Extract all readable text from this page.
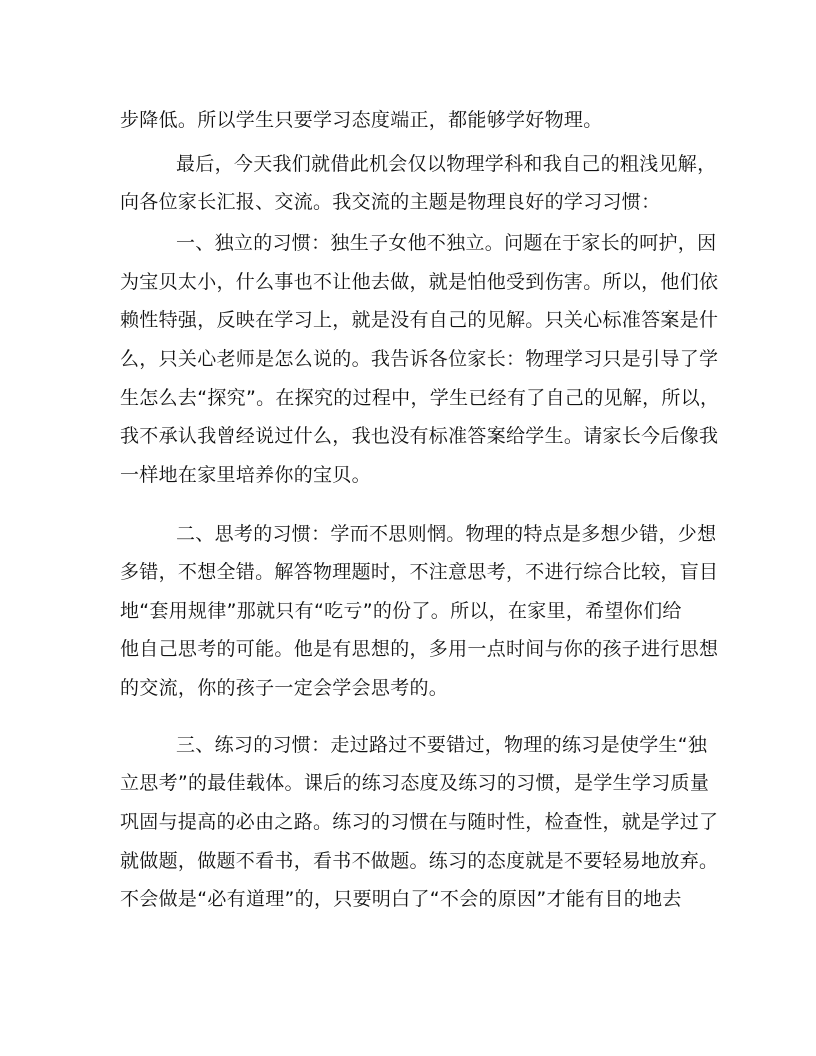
步降低。所以学生只要学习态度端正，都能够学好物理。

最后，今天我们就借此机会仅以物理学科和我自己的粗浅见解，

向各位家长汇报、交流。我交流的主题是物理良好的学习习惯：

一、独立的习惯：独生子女他不独立。问题在于家长的呵护，因

为宝贝太小，什么事也不让他去做，就是怕他受到伤害。所以，他们依

赖性特强，反映在学习上，就是没有自己的见解。只关心标准答案是什

么，只关心老师是怎么说的。我告诉各位家长：物理学习只是引导了学

生怎么去“探究”。在探究的过程中，学生已经有了自己的见解，所以，

我不承认我曾经说过什么，我也没有标准答案给学生。请家长今后像我

一样地在家里培养你的宝贝。

二、思考的习惯：学而不思则惘。物理的特点是多想少错，少想

多错，不想全错。解答物理题时，不注意思考，不进行综合比较，盲目

地“套用规律”那就只有“吃亏”的份了。所以，在家里，希望你们给

他自己思考的可能。他是有思想的，多用一点时间与你的孩子进行思想

的交流，你的孩子一定会学会思考的。

三、练习的习惯：走过路过不要错过，物理的练习是使学生“独

立思考”的最佳载体。课后的练习态度及练习的习惯，是学生学习质量

巩固与提高的必由之路。练习的习惯在与随时性，检查性，就是学过了

就做题，做题不看书，看书不做题。练习的态度就是不要轻易地放弃。

不会做是“必有道理”的，只要明白了“不会的原因”才能有目的地去
